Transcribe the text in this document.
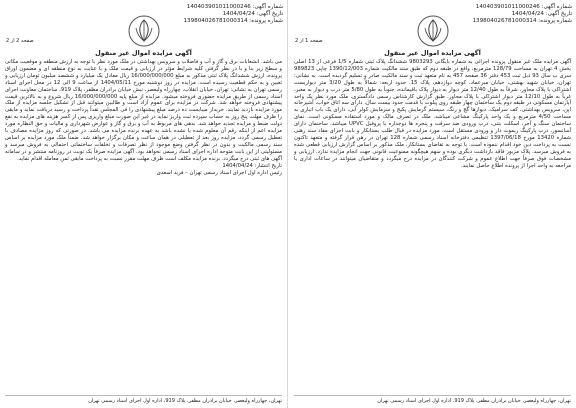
شماره آگهی: 140403901011000246
تاریخ آگهی: 1404/04/24
شماره پرونده: 139804026781000314
صفحه 2 از 2
آگهی مزایده اموال غیر منقول
می باشد. انشعابات برق و گاز و آب و فاضلاب و سرویس بهداشتی در ملک مورد نظر با توجه به ارزش منطقه و موقعیت مکانی و سطح زیر بنا و با در نظر گرفتن کلیه شرایط مؤثر در ارزیابی و قیمت ملک و با عنایت به نوع منطقه ای و مضمون اوراق پرونده، ارزش ششدانگ پلاک ثبتی مذکور به مبلغ 16/000/000/000 ریال معادل یک میلیارد و ششصد میلیون تومان ارزیابی و تعیین و به حکم قطعیت رسیده است. مزایده در روز دوشنبه مورخ 1404/05/11 از ساعت 9 الی 12 در محل اجرای اسناد رسمی تهران به نشانی: تهران، خیابان انقلاب، چهارراه ولیعصر، نبش خیابان برادران مظفر، پلاک 919، ساختمان معاونت اجرای اسناد رسمی از طریق مزایده حضوری فروخته میشود. مزایده از مبلغ پایه 16/000/000/000 ریال شروع و به بالاترین قیمت پیشنهادی فروخته خواهد شد. شرکت در مزایده برای عموم آزاد است و طالبین میتوانند قبل از تشکیل جلسه مزایده از ملک مورد مزایده بازدید نمایند. خریدار میبایست ده درصد مبلغ پیشنهادی را فی المجلس نقداً پرداخت و رسید دریافت نماید و مابقی را ظرف مهلت پنج روز به حساب سپرده ثبت واریز نماید در غیر این صورت مبلغ واریزی پس از کسر هزینه های مزایده به نفع دولت ضبط و مزایده تجدید خواهد شد. بدهی های مربوط به آب و برق و گاز و عوارض شهرداری و مالیات و حق النظاره مورد مزایده اعم از اینکه رقم آن معلوم شده یا نشده باشد به عهده برنده مزایده می باشد. در صورتی که روز مزایده مصادف با تعطیل رسمی گردد، مزایده روز بعد از تعطیلی در همان ساعت و مکان برگزار خواهد شد. ضمناً ملک مورد مزایده بر اساس سند رسمی مالکیت و بدون در نظر گرفتن وضع موجود از نظر تصرفات و تخلفات ساختمانی احتمالی به فروش میرسد و مسئولیتی از این بابت متوجه اداره اجرای اسناد رسمی نخواهد بود. آگهی مزایده صرفاً یک نوبت در روزنامه منتشر و در سامانه آگهی های ثبتی درج میگردد. برنده مزایده مکلف است ظرف مهلت مقرر نسبت به پرداخت مابقی ثمن معامله اقدام نماید.
تاریخ انتشار: 1404/04/24
رئیس اداره اول اجرای اسناد رسمی تهران – فرید اسعدی
تهران، چهارراه ولیعصر، خیابان برادران مظفر، پلاک 919، اداره اول اجرای اسناد رسمی تهران
شماره آگهی: 140403901011000246
تاریخ آگهی: 1404/04/24
شماره پرونده: 139804026781000314
صفحه 1 از 2
آگهی مزایده اموال غیر منقول
آگهی مزایده ملک غیر منقول پرونده اجرائی به شماره بایگانی 9803293 ششدانگ پلاک ثبتی شماره 1/5 فرعی از 13 اصلی بخش 4 تهران به مساحت 128/79 مترمربع، واقع در طبقه دوم که طبق سند مالکیت شماره 1390/12/003 چاپی 989823 سری ب سال 93 ذیل ثبت 453 دفتر 36 صفحه 457 به نام متعهد ثبت و سند مالکیت صادر و تسلیم گردیده است. به نشانی: تهران، خیابان شهید بهشتی، خیابان میرعماد، کوچه دوازدهم، پلاک 15. حدود اربعه: شمالاً به طول 3/20 متر دیواریست اشتراکی با پلاک مجاور، شرقاً به طول 12/40 متر دیوار به دیوار پلاک باقیمانده، جنوباً به طول 5/80 متر درب و دیوار به معبر، غرباً به طول 12/10 متر دیوار اشتراکی با پلاک مجاور. طبق گزارش کارشناس رسمی دادگستری، ملک مورد نظر یک واحد آپارتمان مسکونی در طبقه دوم یک ساختمان چهار طبقه روی پیلوت با قدمت حدود بیست سال، دارای سه اتاق خواب، آشپزخانه اپن، سرویس بهداشتی، کف سرامیک، دیوارها گچ و رنگ، سیستم گرمایش پکیج و سرمایش کولر آبی، دارای یک باب انباری به مساحت 4/50 مترمربع و یک واحد پارکینگ مشاعی میباشد. ملک در تصرف مالک و مورد استفاده مسکونی است. نمای ساختمان سنگ و آجر، اسکلت بتنی، درب ورودی ضد سرقت و پنجره ها دوجداره با پروفیل UPVC میباشد. ساختمان دارای آسانسور، درب پارکینگ ریموت دار و ورودی مستقل است. مورد مزایده در قبال طلب بستانکار و بابت اجرای مفاد سند رهنی شماره 13420 مورخ 1397/06/18 تنظیمی دفترخانه اسناد رسمی شماره 128 تهران در رهن قرار گرفته و متعهد تاکنون نسبت به پرداخت دین خود اقدام ننموده است. با توجه به تقاضای بستانکار، ملک مذکور بر اساس گزارش ارزیابی قطعی شده به فروش میرسد. پلاک مزبور فاقد بازداشت دیگری بوده و سهم هیچگونه ممنوعیت قانونی جهت انجام مزایده ندارد. ارزیابی و مشخصات فوق صرفاً جهت اطلاع عموم و شرکت کنندگان در مزایده درج میگردد و متقاضیان میتوانند در ساعات اداری با مراجعه به واحد اجرا از پرونده اطلاع حاصل نمایند.
تهران، چهارراه ولیعصر، خیابان برادران مظفر، پلاک 919، اداره اول اجرای اسناد رسمی تهران
